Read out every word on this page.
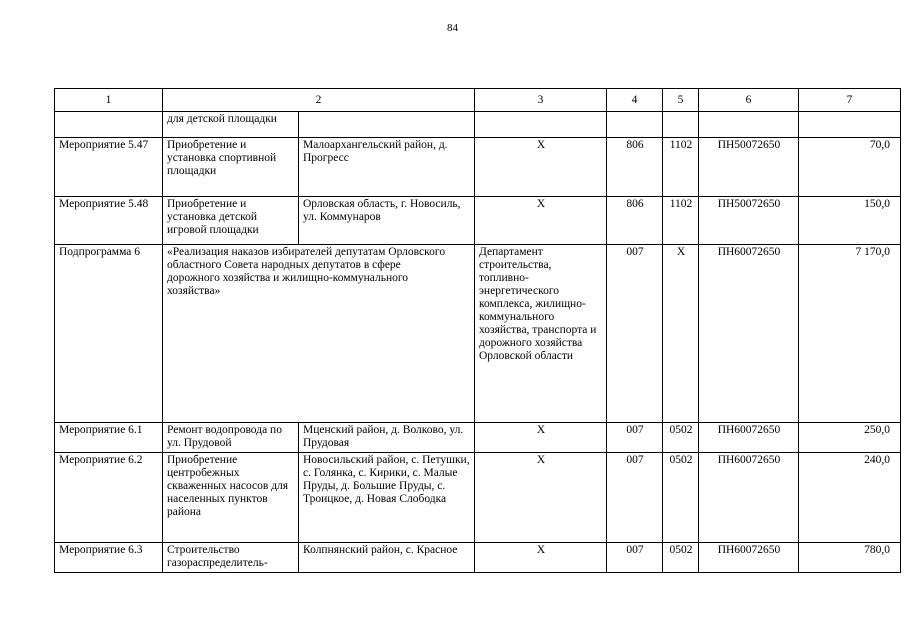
84
1	2		3	4	5	6	7
	для детской площадки						
Мероприятие 5.47	Приобретение и установка спортивной площадки	Малоархангельский район, д. Прогресс	X	806	1102	ПН50072650	70,0
Мероприятие 5.48	Приобретение и установка детской игровой площадки	Орловская область, г. Новосиль, ул. Коммунаров	X	806	1102	ПН50072650	150,0
Подпрограмма 6	«Реализация наказов избирателей депутатам Орловского областного Совета народных депутатов в сфере дорожного хозяйства и жилищно-коммунального хозяйства»		Департамент строительства, топливно-энергетического комплекса, жилищно-коммунального хозяйства, транспорта и дорожного хозяйства Орловской области	007	X	ПН60072650	7 170,0
Мероприятие 6.1	Ремонт водопровода по ул. Прудовой	Мценский район, д. Волково, ул. Прудовая	X	007	0502	ПН60072650	250,0
Мероприятие 6.2	Приобретение центробежных скваженных насосов для населенных пунктов района	Новосильский район, с. Петушки, с. Голянка, с. Кирики, с. Малые Пруды, д. Большие Пруды, с. Троицкое, д. Новая Слободка	X	007	0502	ПН60072650	240,0
Мероприятие 6.3	Строительство газораспределитель-	Колпнянский район, с. Красное	X	007	0502	ПН60072650	780,0
